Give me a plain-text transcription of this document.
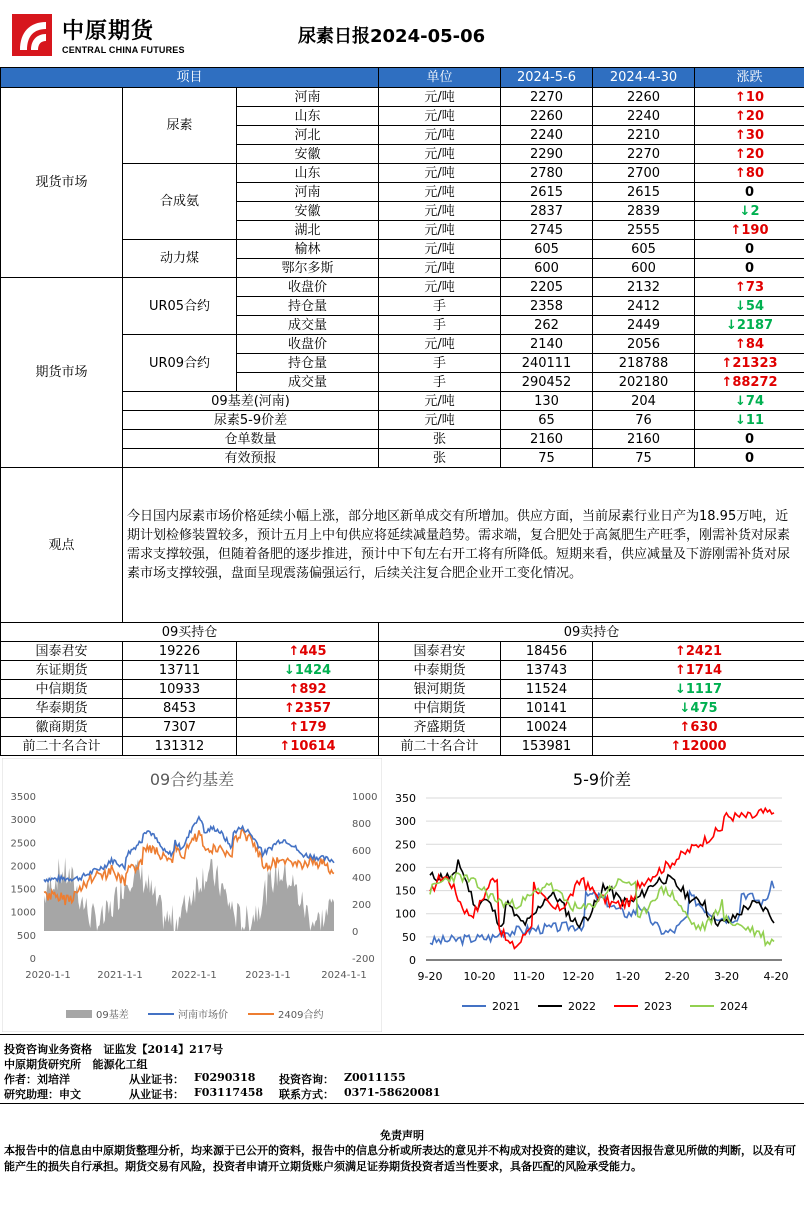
中原期货
CENTRAL CHINA FUTURES
尿素日报2024-05-06
项目			单位	2024-5-6	2024-4-30	涨跌
现货市场	尿素	河南	元/吨	2270	2260	↑10
		山东	元/吨	2260	2240	↑20
		河北	元/吨	2240	2210	↑30
		安徽	元/吨	2290	2270	↑20
	合成氨	山东	元/吨	2780	2700	↑80
		河南	元/吨	2615	2615	0
		安徽	元/吨	2837	2839	↓2
		湖北	元/吨	2745	2555	↑190
	动力煤	榆林	元/吨	605	605	0
		鄂尔多斯	元/吨	600	600	0
期货市场	UR05合约	收盘价	元/吨	2205	2132	↑73
		持仓量	手	2358	2412	↓54
		成交量	手	262	2449	↓2187
	UR09合约	收盘价	元/吨	2140	2056	↑84
		持仓量	手	240111	218788	↑21323
		成交量	手	290452	202180	↑88272
	09基差(河南)		元/吨	130	204	↓74
	尿素5-9价差		元/吨	65	76	↓11
	仓单数量		张	2160	2160	0
	有效预报		张	75	75	0
观点	今日国内尿素市场价格延续小幅上涨，部分地区新单成交有所增加。供应方面，当前尿素行业日产为18.95万吨，近期计划检修装置较多，预计五月上中旬供应将延续减量趋势。需求端，复合肥处于高氮肥生产旺季，刚需补货对尿素需求支撑较强，但随着备肥的逐步推进，预计中下旬左右开工将有所降低。短期来看，供应减量及下游刚需补货对尿素市场支撑较强，盘面呈现震荡偏强运行，后续关注复合肥企业开工变化情况。					
09买持仓			09卖持仓		
国泰君安	19226	↑445	国泰君安	18456	↑2421
东证期货	13711	↓1424	中泰期货	13743	↑1714
中信期货	10933	↑892	银河期货	11524	↓1117
华泰期货	8453	↑2357	中信期货	10141	↓475
徽商期货	7307	↑179	齐盛期货	10024	↑630
前二十名合计	131312	↑10614	前二十名合计	153981	↑12000
09合约基差
0
500
1000
1500
2000
2500
3000
3500
-200
0
200
400
600
800
1000
2020-1-1	2021-1-1	2022-1-1	2023-1-1	2024-1-1
09基差	河南市场价	2409合约
5-9价差
0
50
100
150
200
250
300
350
9-20 10-20 11-20 12-20 1-20 2-20 3-20 4-20
2021	2022	2023	2024
投资咨询业务资格 证监发【2014】217号
中原期货研究所 能源化工组
作者：刘培洋	从业证书： F0290318 投资咨询： Z0011155
研究助理：申文	从业证书： F03117458 联系方式： 0371-58620081
免责声明
本报告中的信息由中原期货整理分析，均来源于已公开的资料，报告中的信息分析或所表达的意见并不构成对投资的建议，投资者因报告意见所做的判断，以及有可能产生的损失自行承担。期货交易有风险，投资者申请开立期货账户须满足证券期货投资者适当性要求，具备匹配的风险承受能力。
